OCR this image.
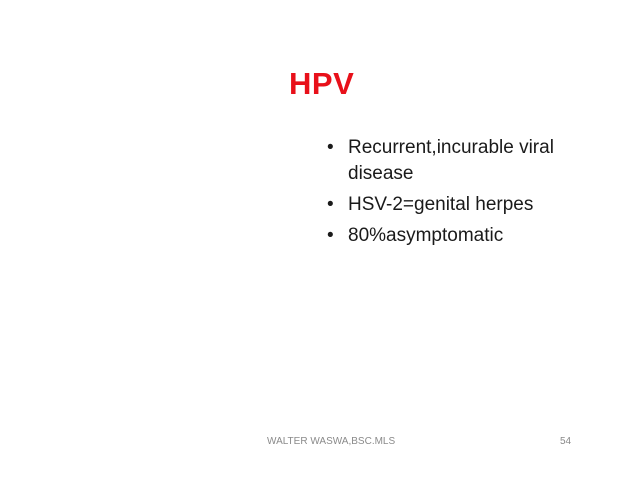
HPV
• Recurrent,incurable viral disease
• HSV-2=genital herpes
• 80%asymptomatic
WALTER WASWA,BSC.MLS	54
